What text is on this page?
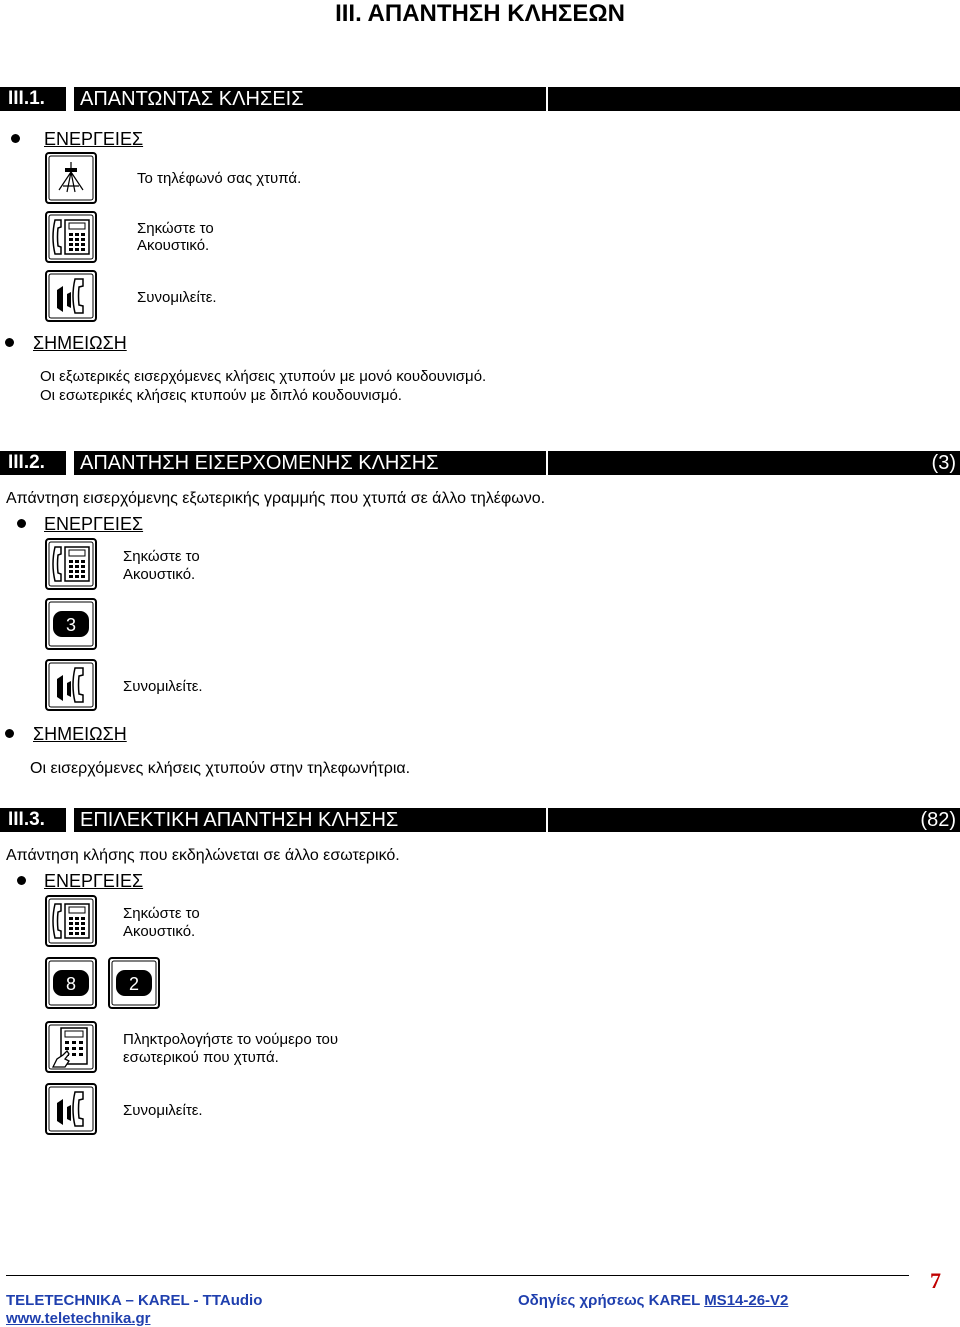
ΙΙΙ. ΑΠΑΝΤΗΣΗ ΚΛΗΣΕΩΝ
ΙΙΙ.1. ΑΠΑΝΤΩΝΤΑΣ ΚΛΗΣΕΙΣ
ΕΝΕΡΓΕΙΕΣ
Το τηλέφωνό σας χτυπά.
Σηκώστε το
Ακουστικό.
Συνομιλείτε.
ΣΗΜΕΙΩΣΗ
Οι εξωτερικές εισερχόμενες κλήσεις χτυπούν με μονό κουδουνισμό.
Οι εσωτερικές κλήσεις κτυπούν με διπλό κουδουνισμό.
ΙΙΙ.2. ΑΠΑΝΤΗΣΗ ΕΙΣΕΡΧΟΜΕΝΗΣ ΚΛΗΣΗΣ	(3)
Απάντηση εισερχόμενης εξωτερικής γραμμής που χτυπά σε άλλο τηλέφωνο.
ΕΝΕΡΓΕΙΕΣ
Σηκώστε το
Ακουστικό.
3
Συνομιλείτε.
ΣΗΜΕΙΩΣΗ
Οι εισερχόμενες κλήσεις χτυπούν στην τηλεφωνήτρια.
ΙΙΙ.3. ΕΠΙΛΕΚΤΙΚΗ ΑΠΑΝΤΗΣΗ ΚΛΗΣΗΣ	(82)
Απάντηση κλήσης που εκδηλώνεται σε άλλο εσωτερικό.
ΕΝΕΡΓΕΙΕΣ
Σηκώστε το
Ακουστικό.
8	2
Πληκτρολογήστε το νούμερο του
εσωτερικού που χτυπά.
Συνομιλείτε.
7
TELETECHNIKA – KAREL - TTAudio	Οδηγίες χρήσεως KAREL MS14-26-V2
www.teletechnika.gr
